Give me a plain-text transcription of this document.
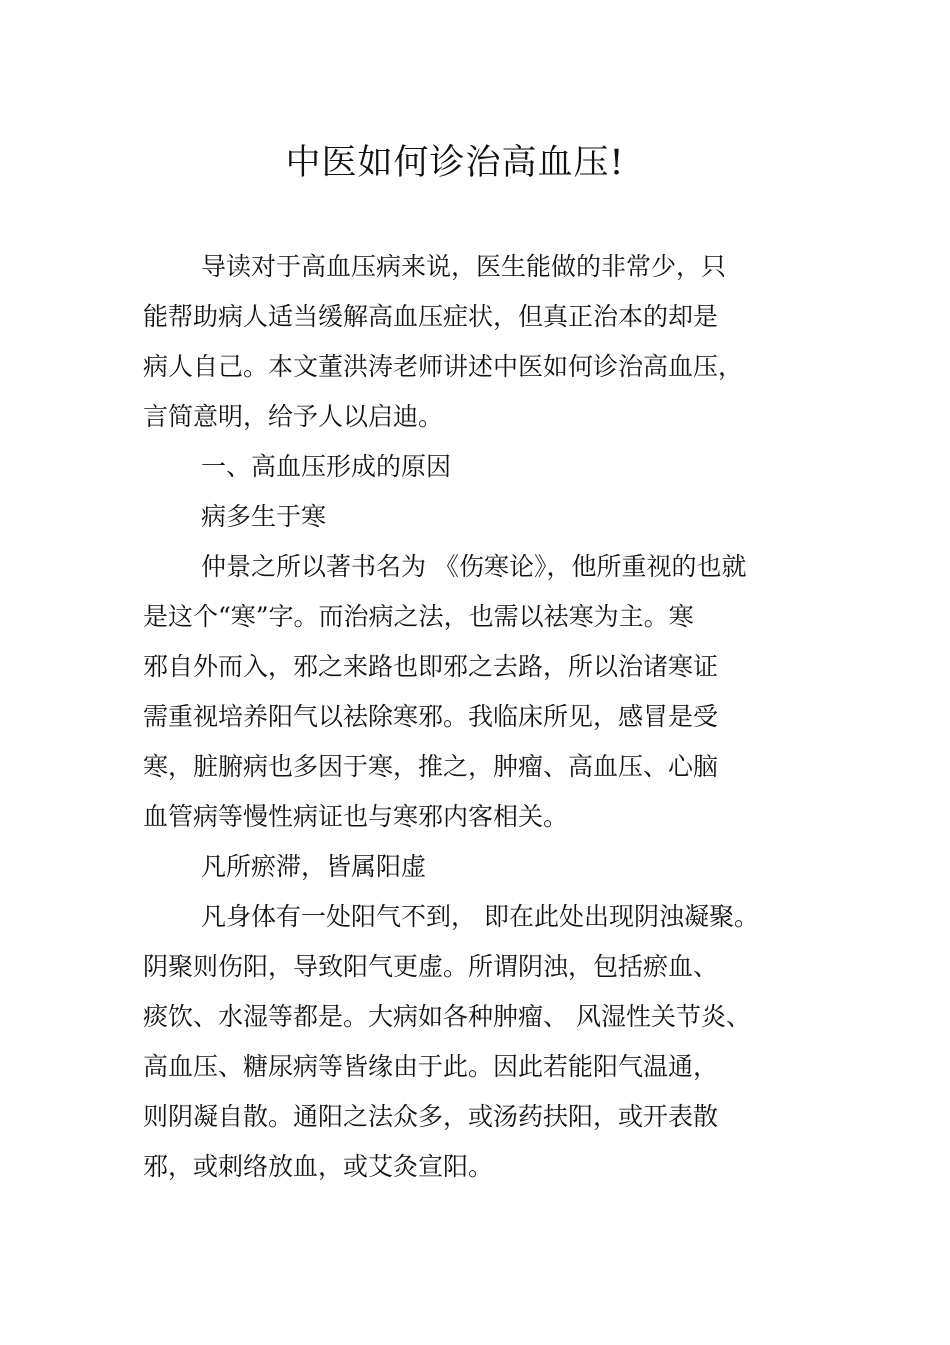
中医如何诊治高血压!

导读对于高血压病来说，医生能做的非常少，只

能帮助病人适当缓解高血压症状，但真正治本的却是

病人自己。本文董洪涛老师讲述中医如何诊治高血压，

言简意明，给予人以启迪。

一、高血压形成的原因

病多生于寒

仲景之所以著书名为 《伤寒论》，他所重视的也就

是这个“寒”字。而治病之法，也需以祛寒为主。寒

邪自外而入，邪之来路也即邪之去路，所以治诸寒证

需重视培养阳气以祛除寒邪。我临床所见，感冒是受

寒，脏腑病也多因于寒，推之，肿瘤、高血压、心脑

血管病等慢性病证也与寒邪内客相关。

凡所瘀滞，皆属阳虚

凡身体有一处阳气不到， 即在此处出现阴浊凝聚。

阴聚则伤阳，导致阳气更虚。所谓阴浊，包括瘀血、

痰饮、水湿等都是。大病如各种肿瘤、 风湿性关节炎、

高血压、糖尿病等皆缘由于此。因此若能阳气温通，

则阴凝自散。通阳之法众多，或汤药扶阳，或开表散

邪，或刺络放血，或艾灸宣阳。
